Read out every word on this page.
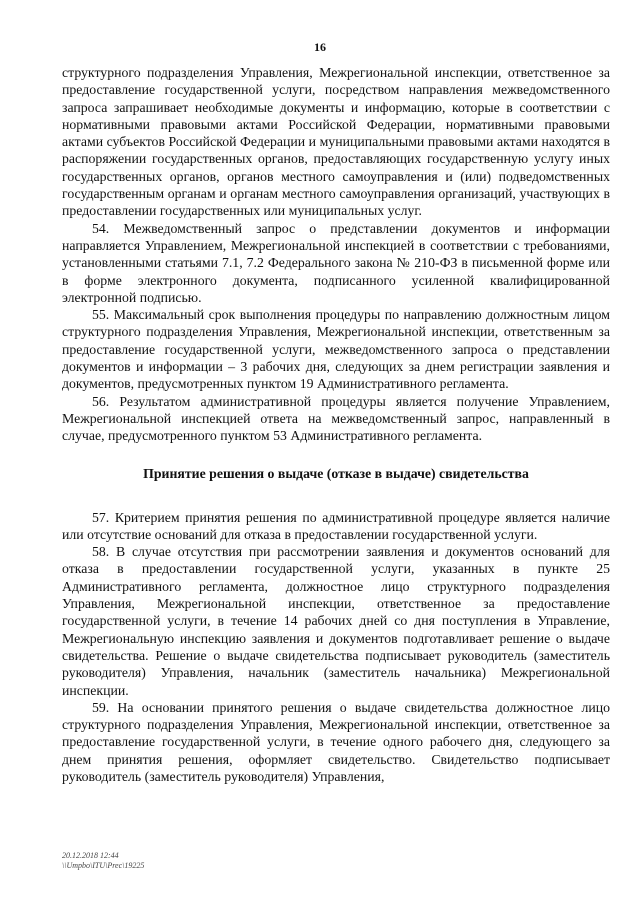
16

структурного подразделения Управления, Межрегиональной инспекции, ответственное за предоставление государственной услуги, посредством направления межведомственного запроса запрашивает необходимые документы и информацию, которые в соответствии с нормативными правовыми актами Российской Федерации, нормативными правовыми актами субъектов Российской Федерации и муниципальными правовыми актами находятся в распоряжении государственных органов, предоставляющих государственную услугу иных государственных органов, органов местного самоуправления и (или) подведомственных государственным органам и органам местного самоуправления организаций, участвующих в предоставлении государственных или муниципальных услуг.

54. Межведомственный запрос о представлении документов и информации направляется Управлением, Межрегиональной инспекцией в соответствии с требованиями, установленными статьями 7.1, 7.2 Федерального закона № 210-ФЗ в письменной форме или в форме электронного документа, подписанного усиленной квалифицированной электронной подписью.

55. Максимальный срок выполнения процедуры по направлению должностным лицом структурного подразделения Управления, Межрегиональной инспекции, ответственным за предоставление государственной услуги, межведомственного запроса о представлении документов и информации – 3 рабочих дня, следующих за днем регистрации заявления и документов, предусмотренных пунктом 19 Административного регламента.

56. Результатом административной процедуры является получение Управлением, Межрегиональной инспекцией ответа на межведомственный запрос, направленный в случае, предусмотренного пунктом 53 Административного регламента.

Принятие решения о выдаче (отказе в выдаче) свидетельства

57. Критерием принятия решения по административной процедуре является наличие или отсутствие оснований для отказа в предоставлении государственной услуги.

58. В случае отсутствия при рассмотрении заявления и документов оснований для отказа в предоставлении государственной услуги, указанных в пункте 25 Административного регламента, должностное лицо структурного подразделения Управления, Межрегиональной инспекции, ответственное за предоставление государственной услуги, в течение 14 рабочих дней со дня поступления в Управление, Межрегиональную инспекцию заявления и документов подготавливает решение о выдаче свидетельства. Решение о выдаче свидетельства подписывает руководитель (заместитель руководителя) Управления, начальник (заместитель начальника) Межрегиональной инспекции.

59. На основании принятого решения о выдаче свидетельства должностное лицо структурного подразделения Управления, Межрегиональной инспекции, ответственное за предоставление государственной услуги, в течение одного рабочего дня, следующего за днем принятия решения, оформляет свидетельство. Свидетельство подписывает руководитель (заместитель руководителя) Управления,

20.12.2018 12:44
\\Umpbo\ITU\Prec\19225
